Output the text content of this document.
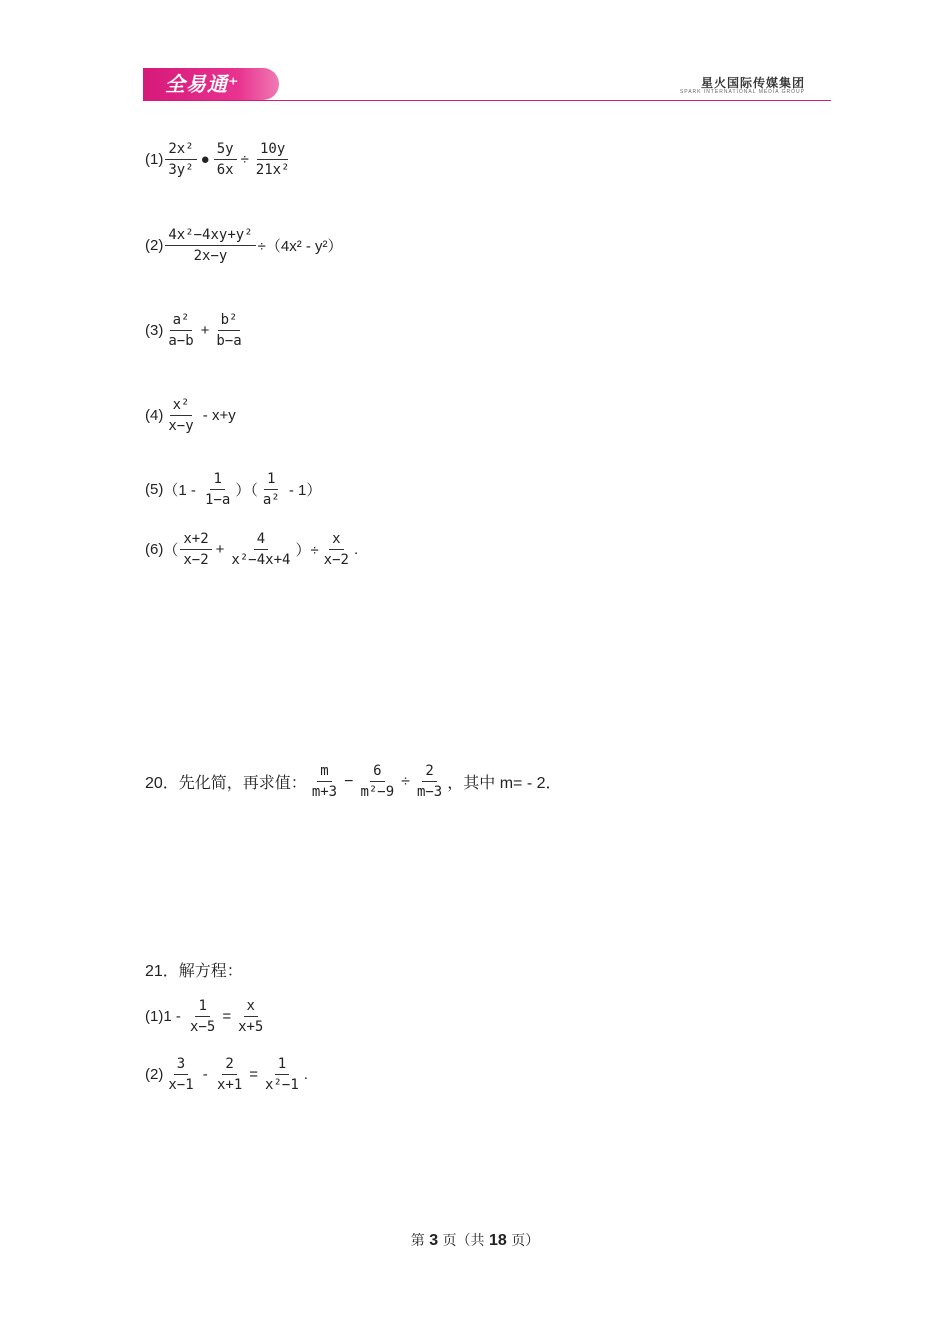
全易通⁺	星火国际传媒集团
SPARK INTERNATIONAL MEDIA GROUP
$(1) \frac{\text{2x²}}{\text{3y²}}$ ● $\frac{5y}{6x} \div \frac{10y}{\text{21x²}}$
$(2) \frac{\text{4x²−4xy+y²}}{2x-y} \div(4x^2 - y^2)$
$(3) \frac{\text{a²}}{a-b} + \frac{\text{b²}}{b-a}$
$(4) \frac{\text{x²}}{x-y} - x+y$
(5) （$1 - \frac{1}{1-a}$ ）（ $\frac{1}{\text{a²}} - 1$）
(6) （ $\frac{x+2}{x-2} + \frac{4}{\text{x²−4x+4}}$ ）÷ $\frac{x}{x-2}$ .
20．先化简，再求值： $\frac{m}{m+3} - \frac{6}{\text{m²−9}} \div \frac{2}{m-3}$ ，其中 m= - 2．
21．解方程：
$(1)1 - \frac{1}{x-5} = \frac{x}{x+5}$
$(2) \frac{3}{x-1} - \frac{2}{x+1} = \frac{1}{\text{x²−1}}$ .
第 3 页（共 18 页）
